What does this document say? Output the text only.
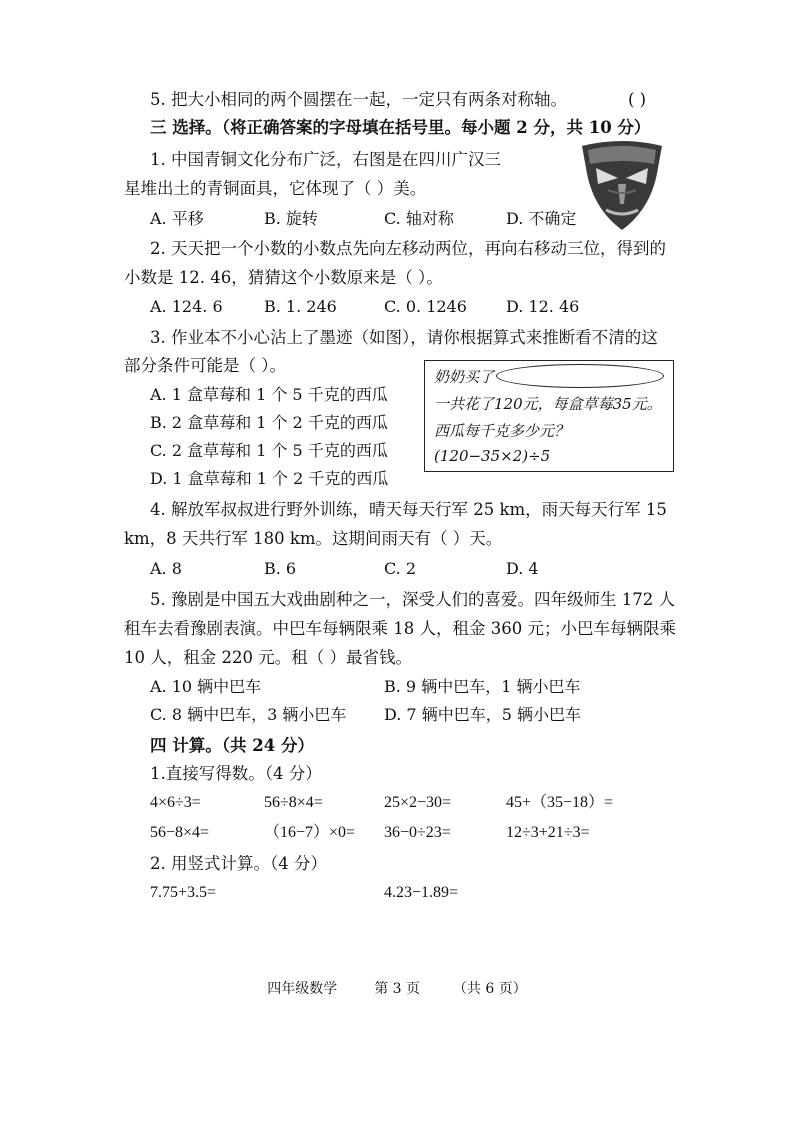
5. 把大小相同的两个圆摆在一起，一定只有两条对称轴。	( )
三 选择。（将正确答案的字母填在括号里。每小题 2 分，共 10 分）
1. 中国青铜文化分布广泛，右图是在四川广汉三
星堆出土的青铜面具，它体现了（ ）美。
A. 平移	B. 旋转	C. 轴对称	D. 不确定
2. 天天把一个小数的小数点先向左移动两位，再向右移动三位，得到的
小数是 12. 46，猜猜这个小数原来是（ ）。
A. 124. 6	B. 1. 246	C. 0. 1246 D. 12. 46
3. 作业本不小心沾上了墨迹（如图），请你根据算式来推断看不清的这
部分条件可能是（ ）。
A. 1 盒草莓和 1 个 5 千克的西瓜
B. 2 盒草莓和 1 个 2 千克的西瓜
C. 2 盒草莓和 1 个 5 千克的西瓜
D. 1 盒草莓和 1 个 2 千克的西瓜
奶奶买了
一共花了120元，每盒草莓35元。
西瓜每千克多少元？
(120−35×2)÷5
4. 解放军叔叔进行野外训练，晴天每天行军 25 km，雨天每天行军 15
km，8 天共行军 180 km。这期间雨天有（ ）天。
A. 8	B. 6	C. 2	D. 4
5. 豫剧是中国五大戏曲剧种之一，深受人们的喜爱。四年级师生 172 人
租车去看豫剧表演。中巴车每辆限乘 18 人，租金 360 元；小巴车每辆限乘
10 人，租金 220 元。租（ ）最省钱。
A. 10 辆中巴车	B. 9 辆中巴车，1 辆小巴车
C. 8 辆中巴车，3 辆小巴车 D. 7 辆中巴车，5 辆小巴车
四 计算。（共 24 分）
1.直接写得数。（4 分）
4×6÷3=	56÷8×4=	25×2−30=	45+（35−18）=
56−8×4=	（16−7）×0= 36−0÷23=	12÷3+21÷3=
2. 用竖式计算。（4 分）
7.75+3.5=	4.23−1.89=
四年级数学	第 3 页 （共 6 页）
